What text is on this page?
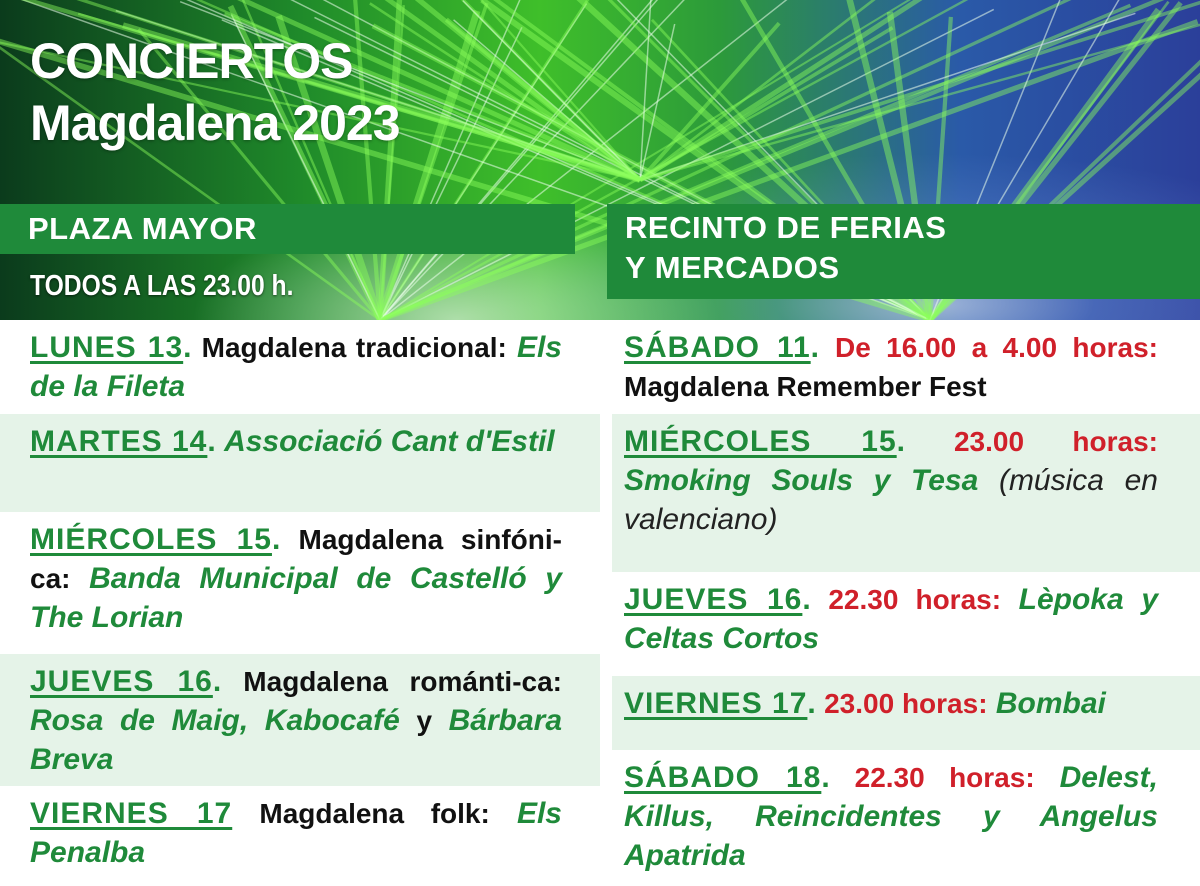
CONCIERTOS
Magdalena 2023
PLAZA MAYOR	RECINTO DE FERIAS
Y MERCADOS
TODOS A LAS 23.00 h.
LUNES 13. Magdalena tradicional: Els de la Fileta
MARTES 14. Associació Cant d'Estil
MIÉRCOLES 15. Magdalena sinfóni-ca: Banda Municipal de Castelló y The Lorian
JUEVES 16. Magdalena románti-ca: Rosa de Maig, Kabocafé y Bárbara Breva
VIERNES 17 Magdalena folk: Els Penalba
SÁBADO 11. De 16.00 a 4.00 horas: Magdalena Remember Fest
MIÉRCOLES 15. 23.00 horas: Smoking Souls y Tesa (música en valenciano)
JUEVES 16. 22.30 horas: Lèpoka y Celtas Cortos
VIERNES 17. 23.00 horas: Bombai
SÁBADO 18. 22.30 horas: Delest, Killus, Reincidentes y Angelus Apatrida
